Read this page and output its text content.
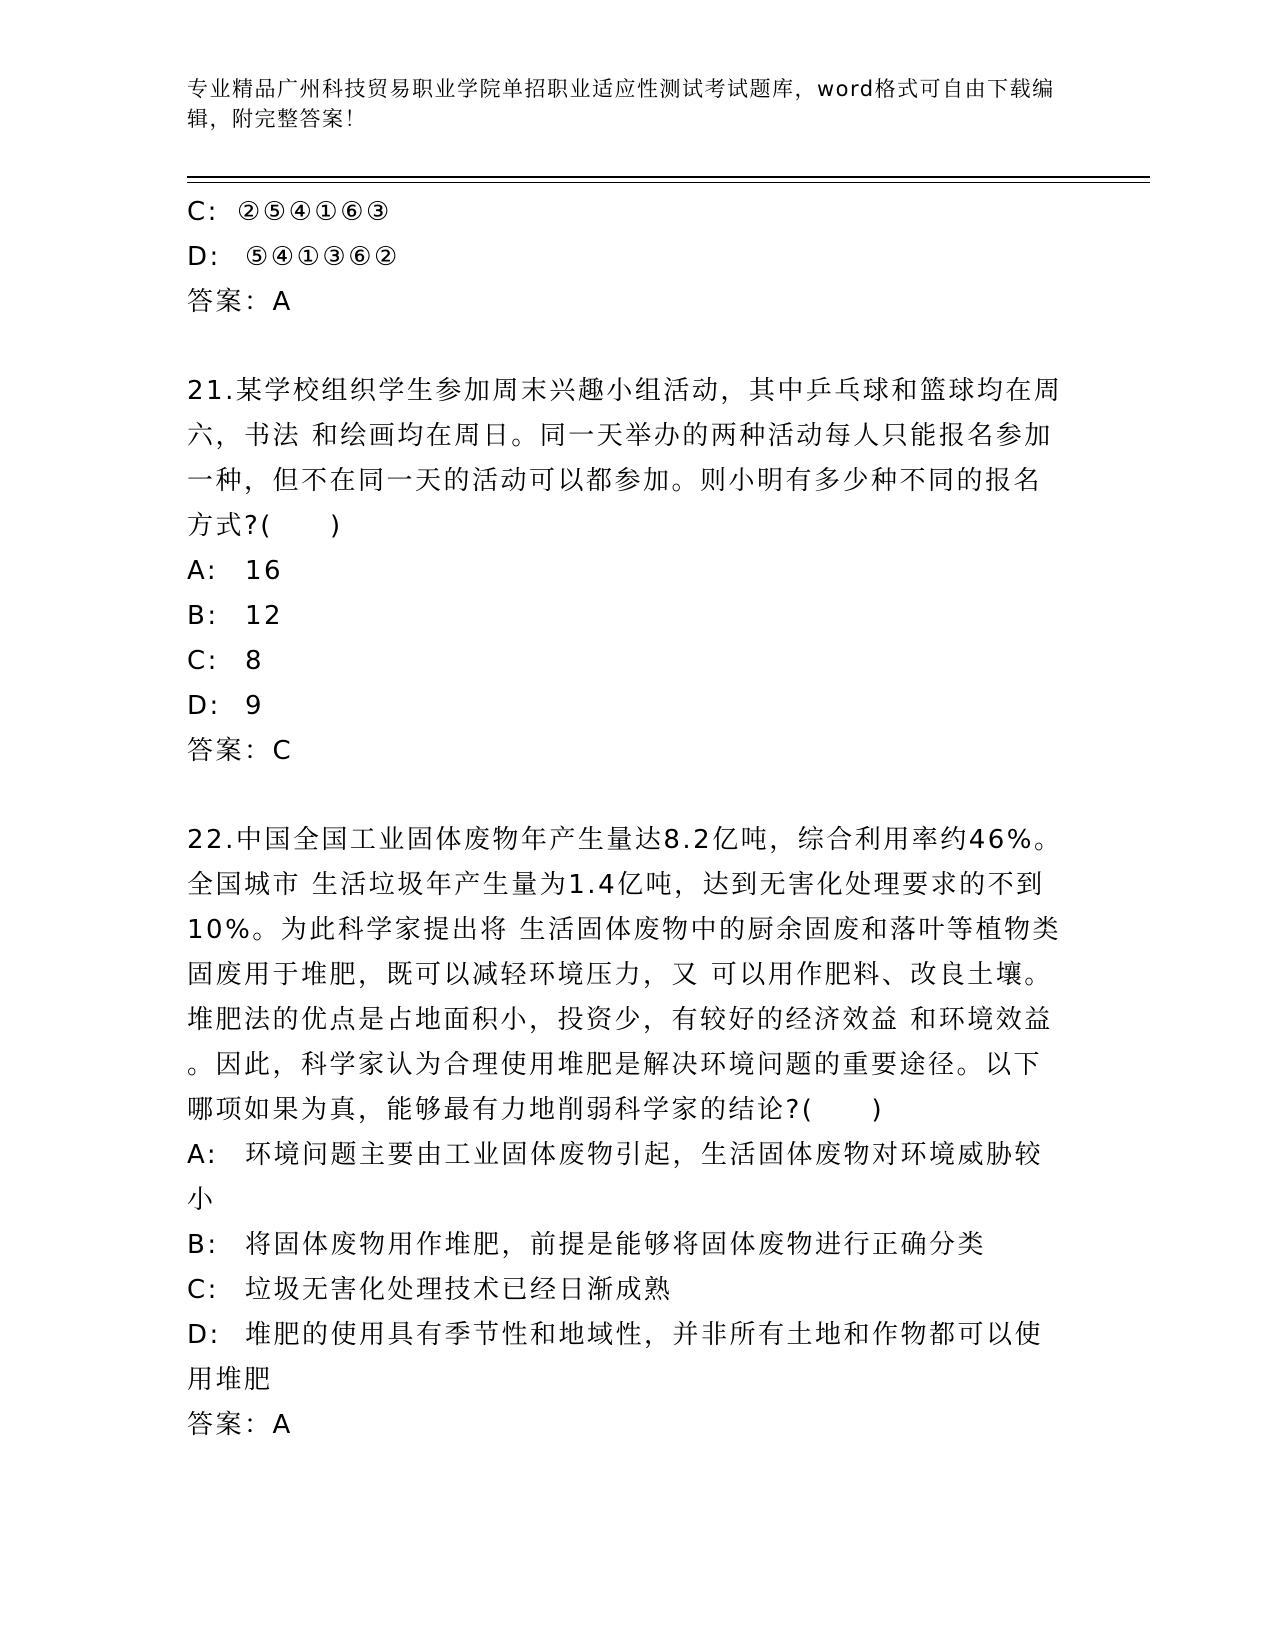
专业精品广州科技贸易职业学院单招职业适应性测试考试题库，word格式可自由下载编辑，附完整答案！
C: ②⑤④①⑥③
D: ⑤④①③⑥②
答案：A
21.某学校组织学生参加周末兴趣小组活动，其中乒乓球和篮球均在周
六，书法 和绘画均在周日。同一天举办的两种活动每人只能报名参加
一种，但不在同一天的活动可以都参加。则小明有多少种不同的报名
方式?(　　)
A: 16
B: 12
C: 8
D: 9
答案：C
22.中国全国工业固体废物年产生量达8.2亿吨，综合利用率约46%。
全国城市 生活垃圾年产生量为1.4亿吨，达到无害化处理要求的不到
10%。为此科学家提出将 生活固体废物中的厨余固废和落叶等植物类
固废用于堆肥，既可以减轻环境压力，又 可以用作肥料、改良土壤。
堆肥法的优点是占地面积小，投资少，有较好的经济效益 和环境效益
。因此，科学家认为合理使用堆肥是解决环境问题的重要途径。以下
哪项如果为真，能够最有力地削弱科学家的结论?(　　)
A: 环境问题主要由工业固体废物引起，生活固体废物对环境威胁较
小
B: 将固体废物用作堆肥，前提是能够将固体废物进行正确分类
C: 垃圾无害化处理技术已经日渐成熟
D: 堆肥的使用具有季节性和地域性，并非所有土地和作物都可以使
用堆肥
答案：A
